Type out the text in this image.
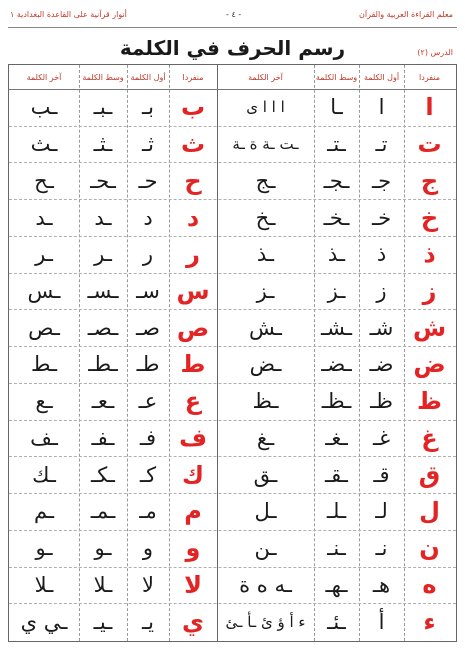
معلم القراءة العربية والقرآن
- ٤ -
أنوار قرآنية على القاعدة البغدادية ١
رسم الحرف في الكلمة	الدرس (٢)
منفردا
أول الكلمة
وسط الكلمة
آخر الكلمة
منفردا
أول الكلمة
وسط الكلمة
آخر الكلمة
ا
ا
ـا
ا ا ا ى
ت
تـ
ـتـ
ـت ـة ة ـة
ج
جـ
ـجـ
ـج
خ
خـ
ـخـ
ـخ
ذ
ذ
ـذ
ـذ
ز
ز
ـز
ـز
ش
شـ
ـشـ
ـش
ض
ضـ
ـضـ
ـض
ظ
ظـ
ـظـ
ـظ
غ
غـ
ـغـ
ـغ
ق
قـ
ـقـ
ـق
ل
لـ
ـلـ
ـل
ن
نـ
ـنـ
ـن
ه
هـ
ـهـ
ـه ه ة
ء
أ
ـئـ
ء أ ؤ ئ ـأ ـئ
ب
بـ
ـبـ
ـب
ث
ثـ
ـثـ
ـث
ح
حـ
ـحـ
ـح
د
د
ـد
ـد
ر
ر
ـر
ـر
س
سـ
ـسـ
ـس
ص
صـ
ـصـ
ـص
ط
طـ
ـطـ
ـط
ع
عـ
ـعـ
ـع
ف
فـ
ـفـ
ـف
ك
كـ
ـكـ
ـك
م
مـ
ـمـ
ـم
و
و
ـو
ـو
لا
لا
ـلا
ـلا
ي
يـ
ـيـ
ـي ي
